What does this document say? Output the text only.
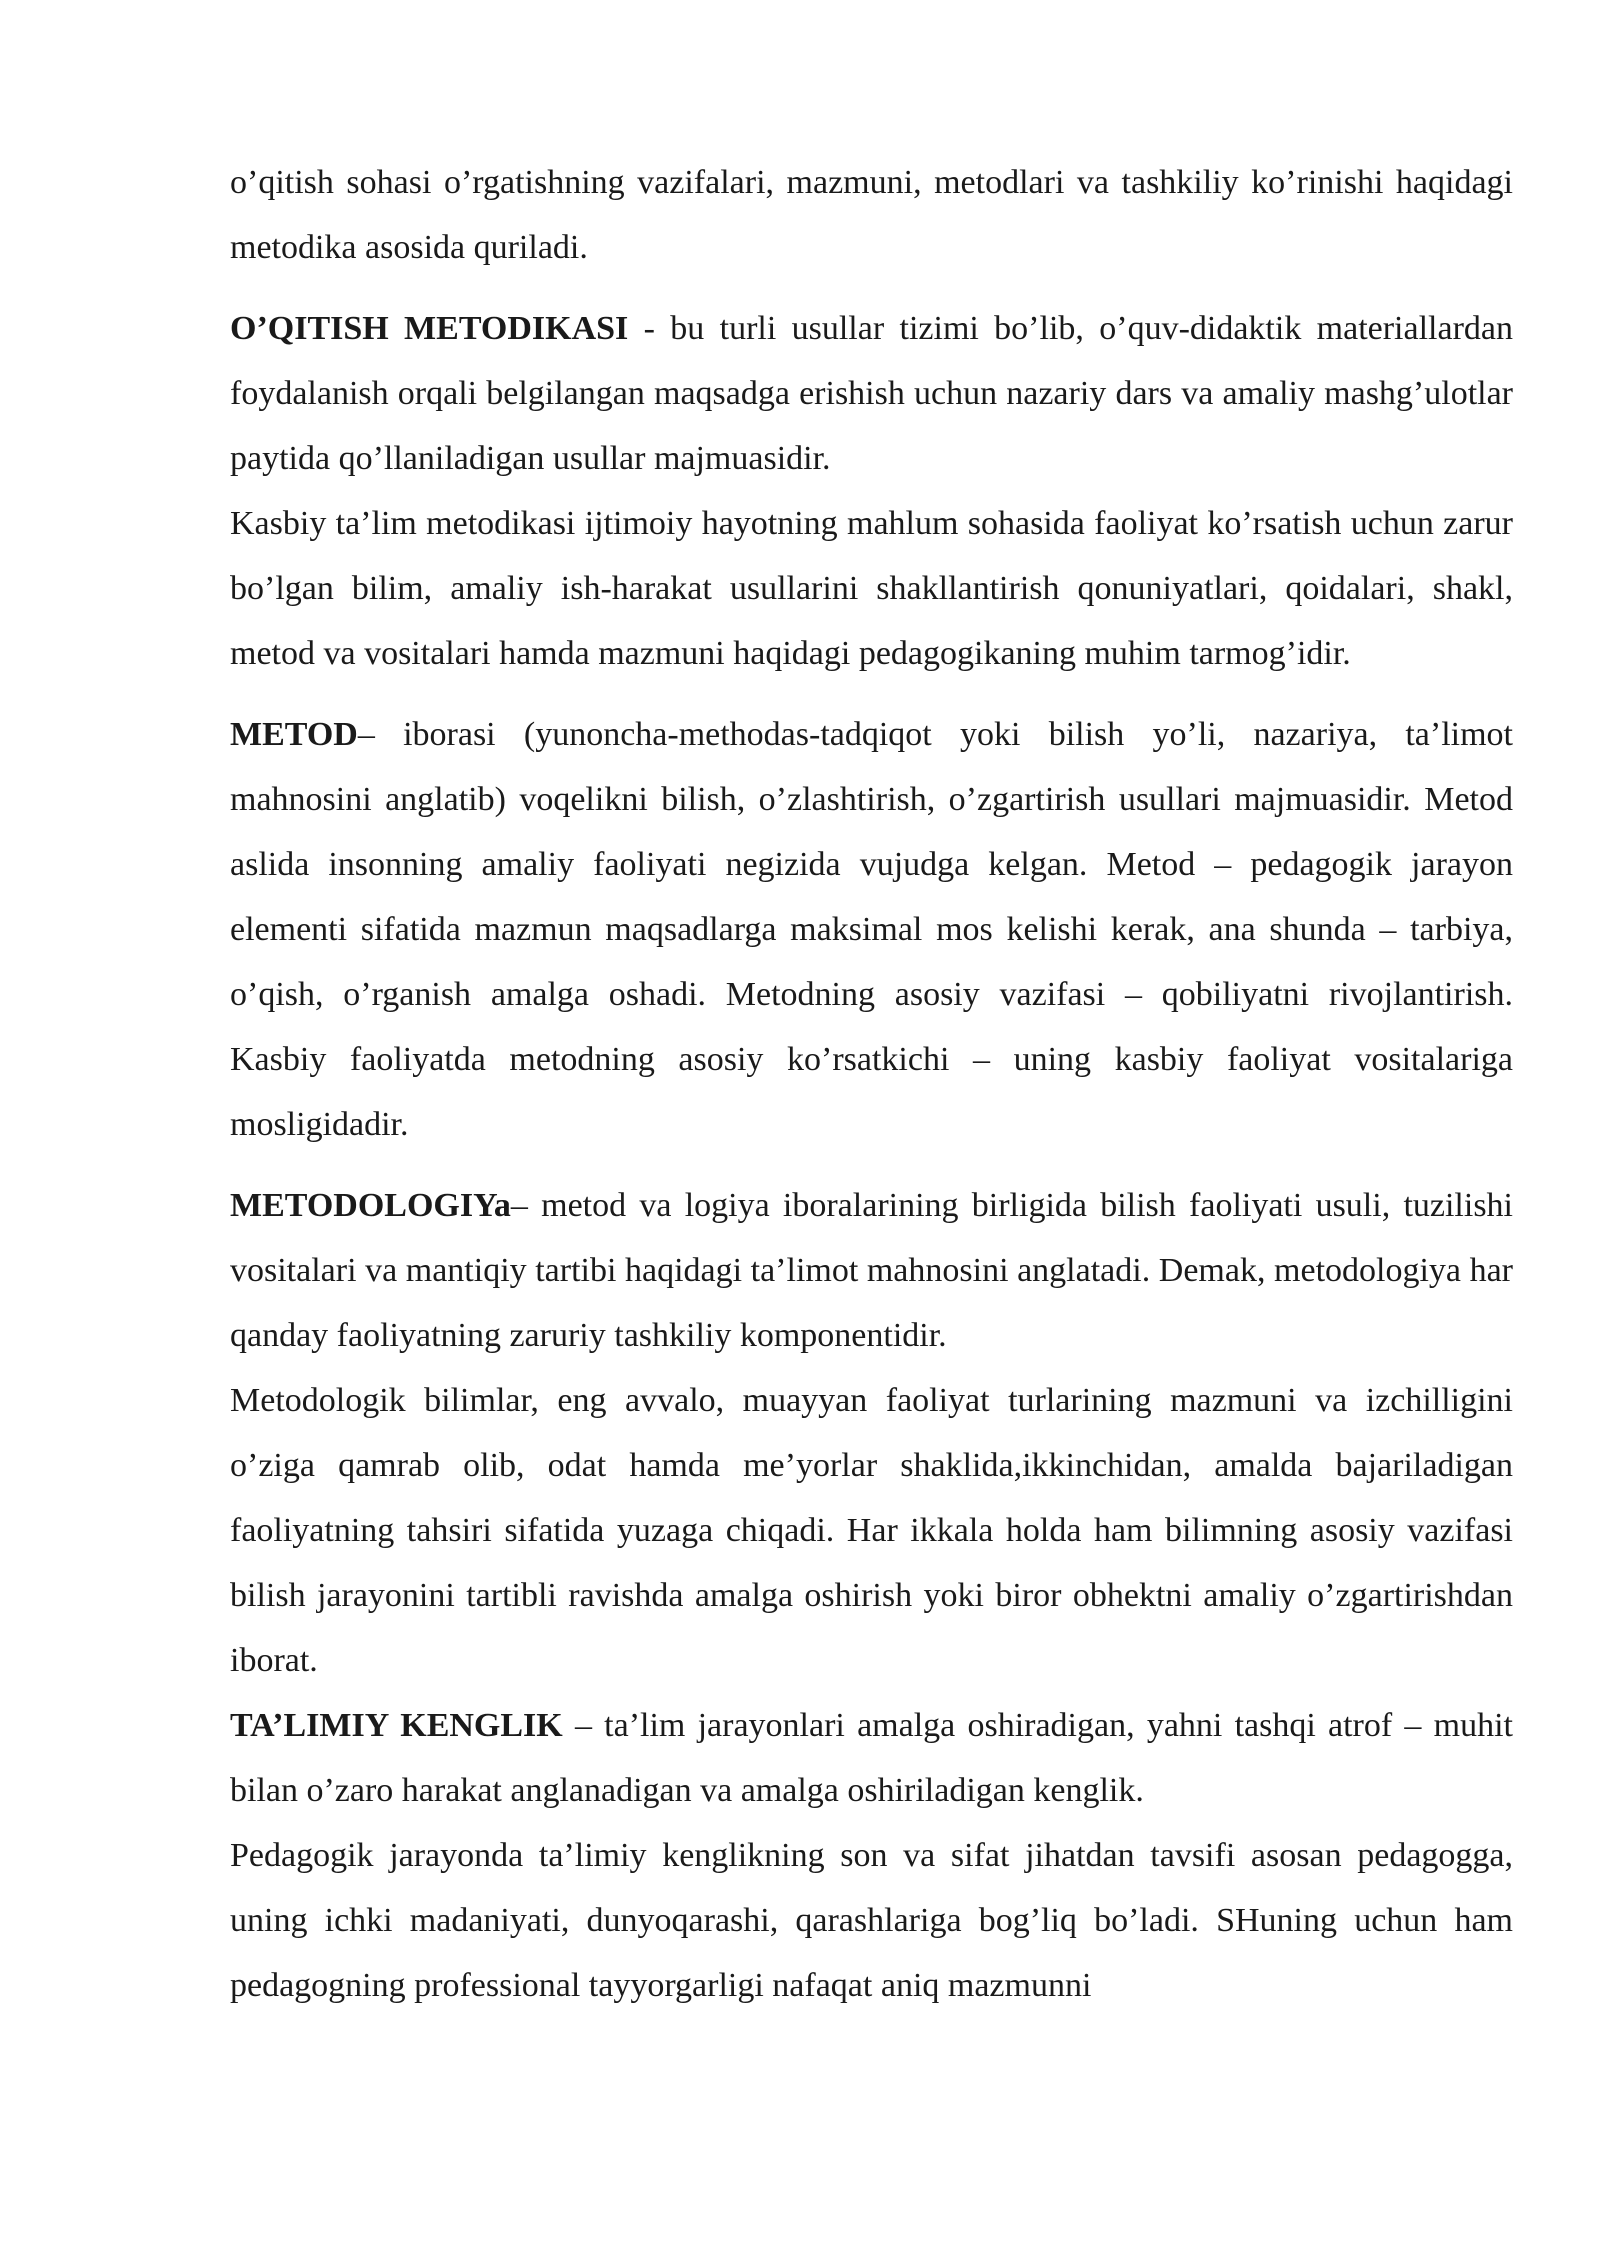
o’qitish sohasi o’rgatishning vazifalari, mazmuni, metodlari va tashkiliy ko’rinishi haqidagi metodika asosida quriladi.

O’QITISH METODIKASI - bu turli usullar tizimi bo’lib, o’quv-didaktik materiallardan foydalanish orqali belgilangan maqsadga erishish uchun nazariy dars va amaliy mashg’ulotlar paytida qo’llaniladigan usullar majmuasidir.

Kasbiy ta’lim metodikasi ijtimoiy hayotning mahlum sohasida faoliyat ko’rsatish uchun zarur bo’lgan bilim, amaliy ish-harakat usullarini shakllantirish qonuniyatlari, qoidalari, shakl, metod va vositalari hamda mazmuni haqidagi pedagogikaning muhim tarmog’idir.

METOD– iborasi (yunoncha-methodas-tadqiqot yoki bilish yo’li, nazariya, ta’limot mahnosini anglatib) voqelikni bilish, o’zlashtirish, o’zgartirish usullari majmuasidir. Metod aslida insonning amaliy faoliyati negizida vujudga kelgan. Metod – pedagogik jarayon elementi sifatida mazmun maqsadlarga maksimal mos kelishi kerak, ana shunda – tarbiya, o’qish, o’rganish amalga oshadi. Metodning asosiy vazifasi – qobiliyatni rivojlantirish. Kasbiy faoliyatda metodning asosiy ko’rsatkichi – uning kasbiy faoliyat vositalariga mosligidadir.

METODOLOGIYa– metod va logiya iboralarining birligida bilish faoliyati usuli, tuzilishi vositalari va mantiqiy tartibi haqidagi ta’limot mahnosini anglatadi. Demak, metodologiya har qanday faoliyatning zaruriy tashkiliy komponentidir.

Metodologik bilimlar, eng avvalo, muayyan faoliyat turlarining mazmuni va izchilligini o’ziga qamrab olib, odat hamda me’yorlar shaklida,ikkinchidan, amalda bajariladigan faoliyatning tahsiri sifatida yuzaga chiqadi. Har ikkala holda ham bilimning asosiy vazifasi bilish jarayonini tartibli ravishda amalga oshirish yoki biror obhektni amaliy o’zgartirishdan iborat.

TA’LIMIY KENGLIK – ta’lim jarayonlari amalga oshiradigan, yahni tashqi atrof – muhit bilan o’zaro harakat anglanadigan va amalga oshiriladigan kenglik.

Pedagogik jarayonda ta’limiy kenglikning son va sifat jihatdan tavsifi asosan pedagogga, uning ichki madaniyati, dunyoqarashi, qarashlariga bog’liq bo’ladi. SHuning uchun ham pedagogning professional tayyorgarligi nafaqat aniq mazmunni
